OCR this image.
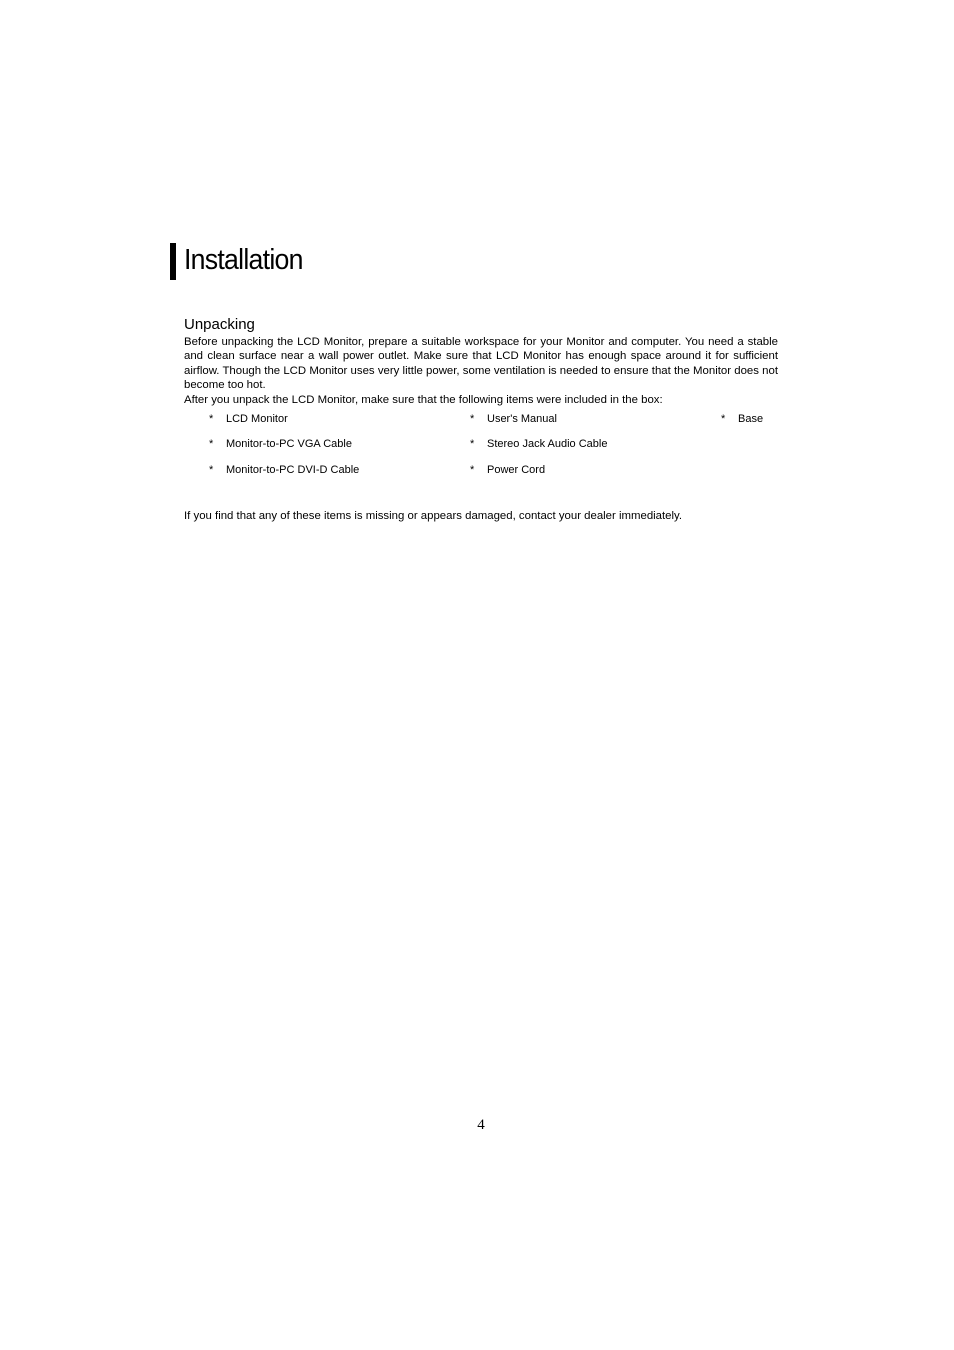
Installation
Unpacking
Before unpacking the LCD Monitor, prepare a suitable workspace for your Monitor and computer. You need a stable and clean surface near a wall power outlet. Make sure that LCD Monitor has enough space around it for sufficient airflow. Though the LCD Monitor uses very little power, some ventilation is needed to ensure that the Monitor does not become too hot.
After you unpack the LCD Monitor, make sure that the following items were included in the box:
* LCD Monitor	* User's Manual	* Base
* Monitor-to-PC VGA Cable	* Stereo Jack Audio Cable
* Monitor-to-PC DVI-D Cable	* Power Cord
If you find that any of these items is missing or appears damaged, contact your dealer immediately.
4
